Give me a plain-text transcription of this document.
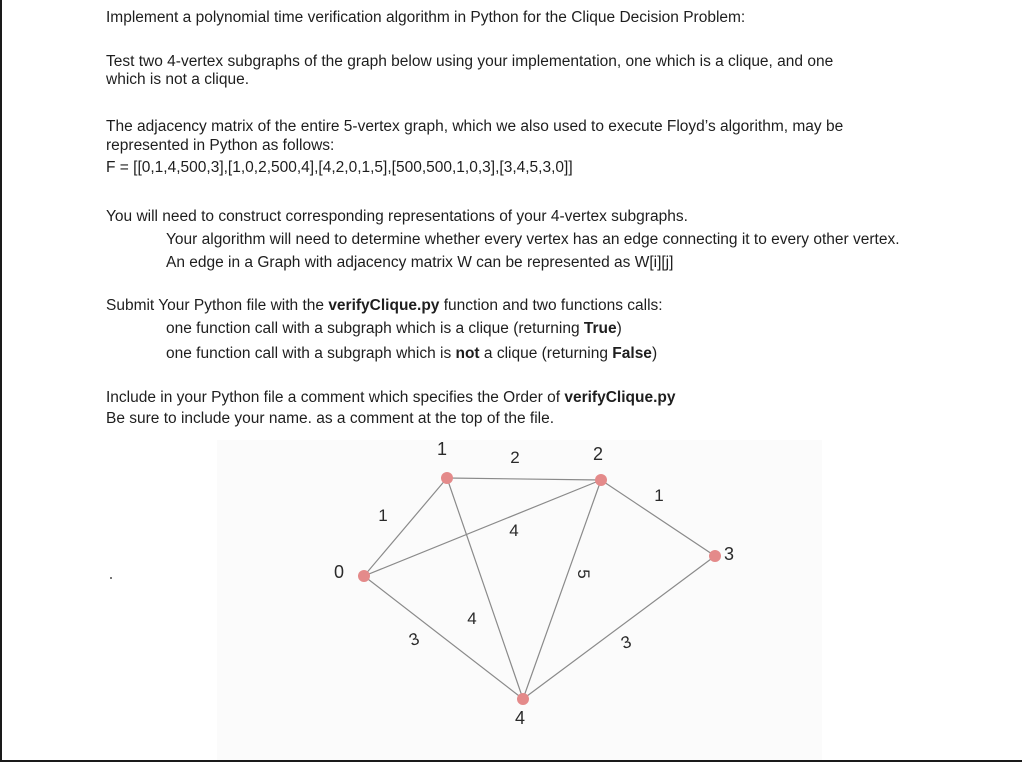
Implement a polynomial time verification algorithm in Python for the Clique Decision Problem:
Test two 4-vertex subgraphs of the graph below using your implementation, one which is a clique, and one
which is not a clique.
The adjacency matrix of the entire 5-vertex graph, which we also used to execute Floyd’s algorithm, may be
represented in Python as follows:
F = [[0,1,4,500,3],[1,0,2,500,4],[4,2,0,1,5],[500,500,1,0,3],[3,4,5,3,0]]
You will need to construct corresponding representations of your 4-vertex subgraphs.
Your algorithm will need to determine whether every vertex has an edge connecting it to every other vertex.
An edge in a Graph with adjacency matrix W can be represented as W[i][j]
Submit Your Python file with the verifyClique.py function and two functions calls:
one function call with a subgraph which is a clique (returning True)
one function call with a subgraph which is not a clique (returning False)
Include in your Python file a comment which specifies the Order of verifyClique.py
Be sure to include your name. as a comment at the top of the file.
1
2
4
4
5
1
3	3
0
1	2
3
4
